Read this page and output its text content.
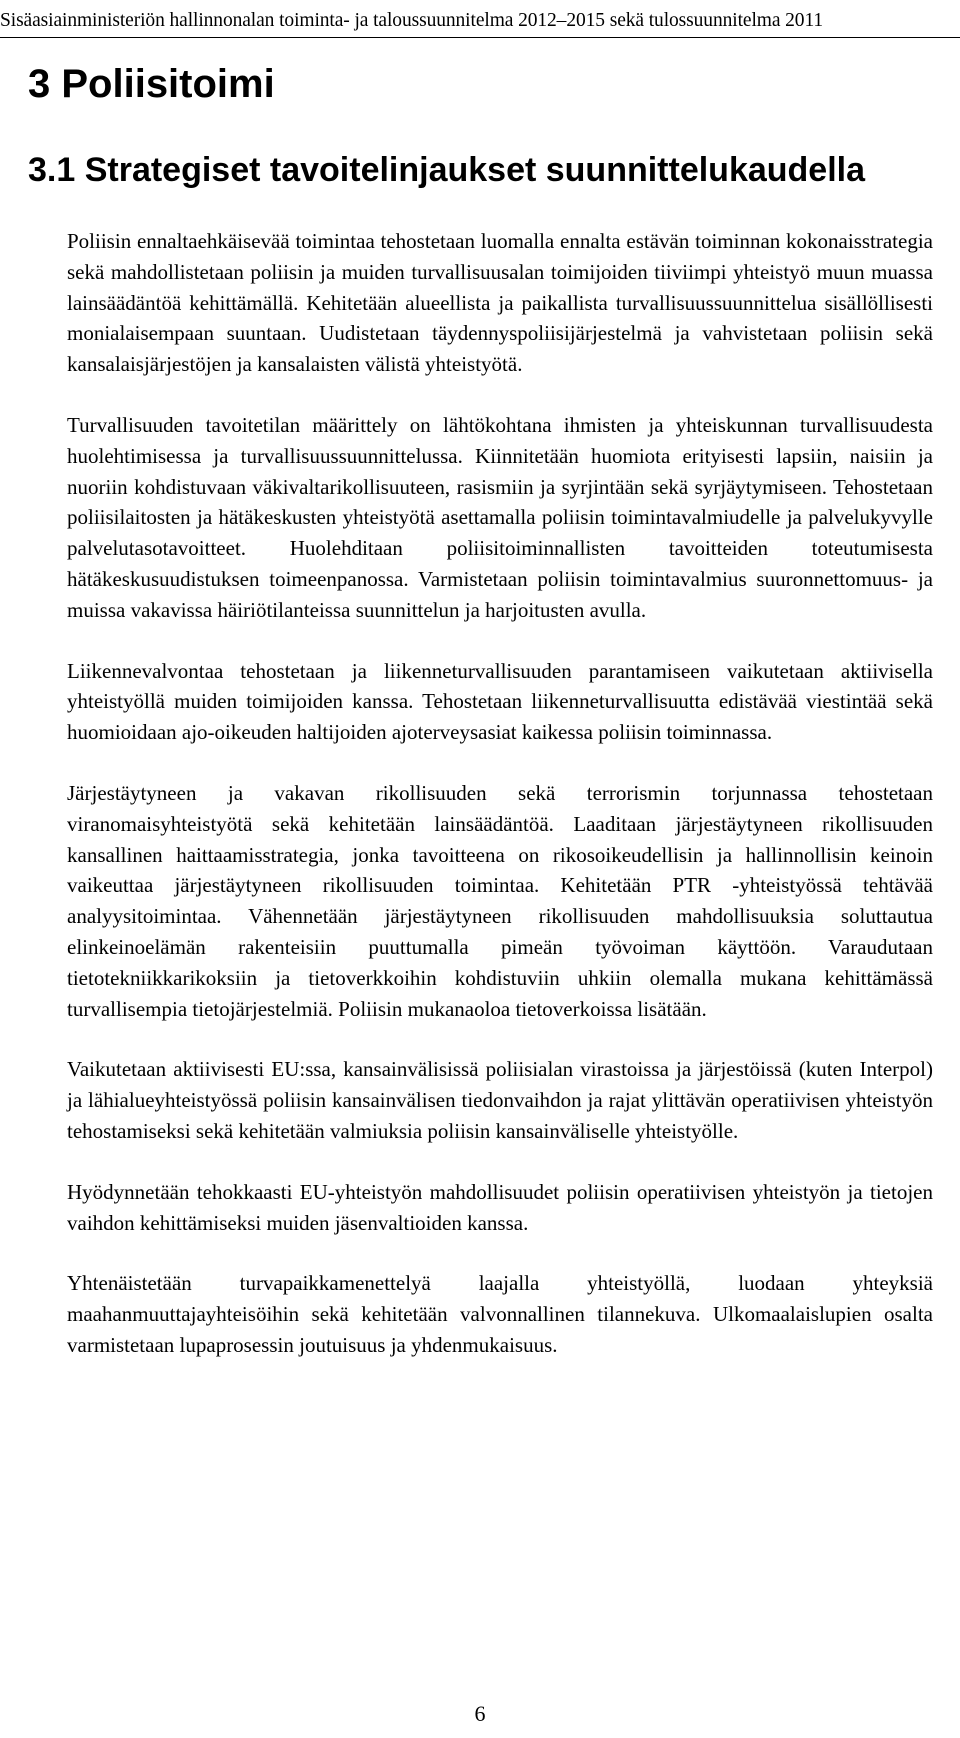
Sisäasiainministeriön hallinnonalan toiminta- ja taloussuunnitelma 2012–2015 sekä tulossuunnitelma 2011
3 Poliisitoimi
3.1 Strategiset tavoitelinjaukset suunnittelukaudella

Poliisin ennaltaehkäisevää toimintaa tehostetaan luomalla ennalta estävän toiminnan kokonaisstrategia sekä mahdollistetaan poliisin ja muiden turvallisuusalan toimijoiden tiiviimpi yhteistyö muun muassa lainsäädäntöä kehittämällä. Kehitetään alueellista ja paikallista turvallisuussuunnittelua sisällöllisesti monialaisempaan suuntaan. Uudistetaan täydennyspoliisijärjestelmä ja vahvistetaan poliisin sekä kansalaisjärjestöjen ja kansalaisten välistä yhteistyötä.

Turvallisuuden tavoitetilan määrittely on lähtökohtana ihmisten ja yhteiskunnan turvallisuudesta huolehtimisessa ja turvallisuussuunnittelussa. Kiinnitetään huomiota erityisesti lapsiin, naisiin ja nuoriin kohdistuvaan väkivaltarikollisuuteen, rasismiin ja syrjintään sekä syrjäytymiseen. Tehostetaan poliisilaitosten ja hätäkeskusten yhteistyötä asettamalla poliisin toimintavalmiudelle ja palvelukyvylle palvelutasotavoitteet. Huolehditaan poliisitoiminnallisten tavoitteiden toteutumisesta hätäkeskusuudistuksen toimeenpanossa. Varmistetaan poliisin toimintavalmius suuronnettomuus- ja muissa vakavissa häiriötilanteissa suunnittelun ja harjoitusten avulla.

Liikennevalvontaa tehostetaan ja liikenneturvallisuuden parantamiseen vaikutetaan aktiivisella yhteistyöllä muiden toimijoiden kanssa. Tehostetaan liikenneturvallisuutta edistävää viestintää sekä huomioidaan ajo-oikeuden haltijoiden ajoterveysasiat kaikessa poliisin toiminnassa.

Järjestäytyneen ja vakavan rikollisuuden sekä terrorismin torjunnassa tehostetaan viranomaisyhteistyötä sekä kehitetään lainsäädäntöä. Laaditaan järjestäytyneen rikollisuuden kansallinen haittaamisstrategia, jonka tavoitteena on rikosoikeudellisin ja hallinnollisin keinoin vaikeuttaa järjestäytyneen rikollisuuden toimintaa. Kehitetään PTR -yhteistyössä tehtävää analyysitoimintaa. Vähennetään järjestäytyneen rikollisuuden mahdollisuuksia soluttautua elinkeinoelämän rakenteisiin puuttumalla pimeän työvoiman käyttöön. Varaudutaan tietotekniikkarikoksiin ja tietoverkkoihin kohdistuviin uhkiin olemalla mukana kehittämässä turvallisempia tietojärjestelmiä. Poliisin mukanaoloa tietoverkoissa lisätään.

Vaikutetaan aktiivisesti EU:ssa, kansainvälisissä poliisialan virastoissa ja järjestöissä (kuten Interpol) ja lähialueyhteistyössä poliisin kansainvälisen tiedonvaihdon ja rajat ylittävän operatiivisen yhteistyön tehostamiseksi sekä kehitetään valmiuksia poliisin kansainväliselle yhteistyölle.

Hyödynnetään tehokkaasti EU-yhteistyön mahdollisuudet poliisin operatiivisen yhteistyön ja tietojen vaihdon kehittämiseksi muiden jäsenvaltioiden kanssa.

Yhtenäistetään turvapaikkamenettelyä laajalla yhteistyöllä, luodaan yhteyksiä maahanmuuttajayhteisöihin sekä kehitetään valvonnallinen tilannekuva. Ulkomaalaislupien osalta varmistetaan lupaprosessin joutuisuus ja yhdenmukaisuus.

6
